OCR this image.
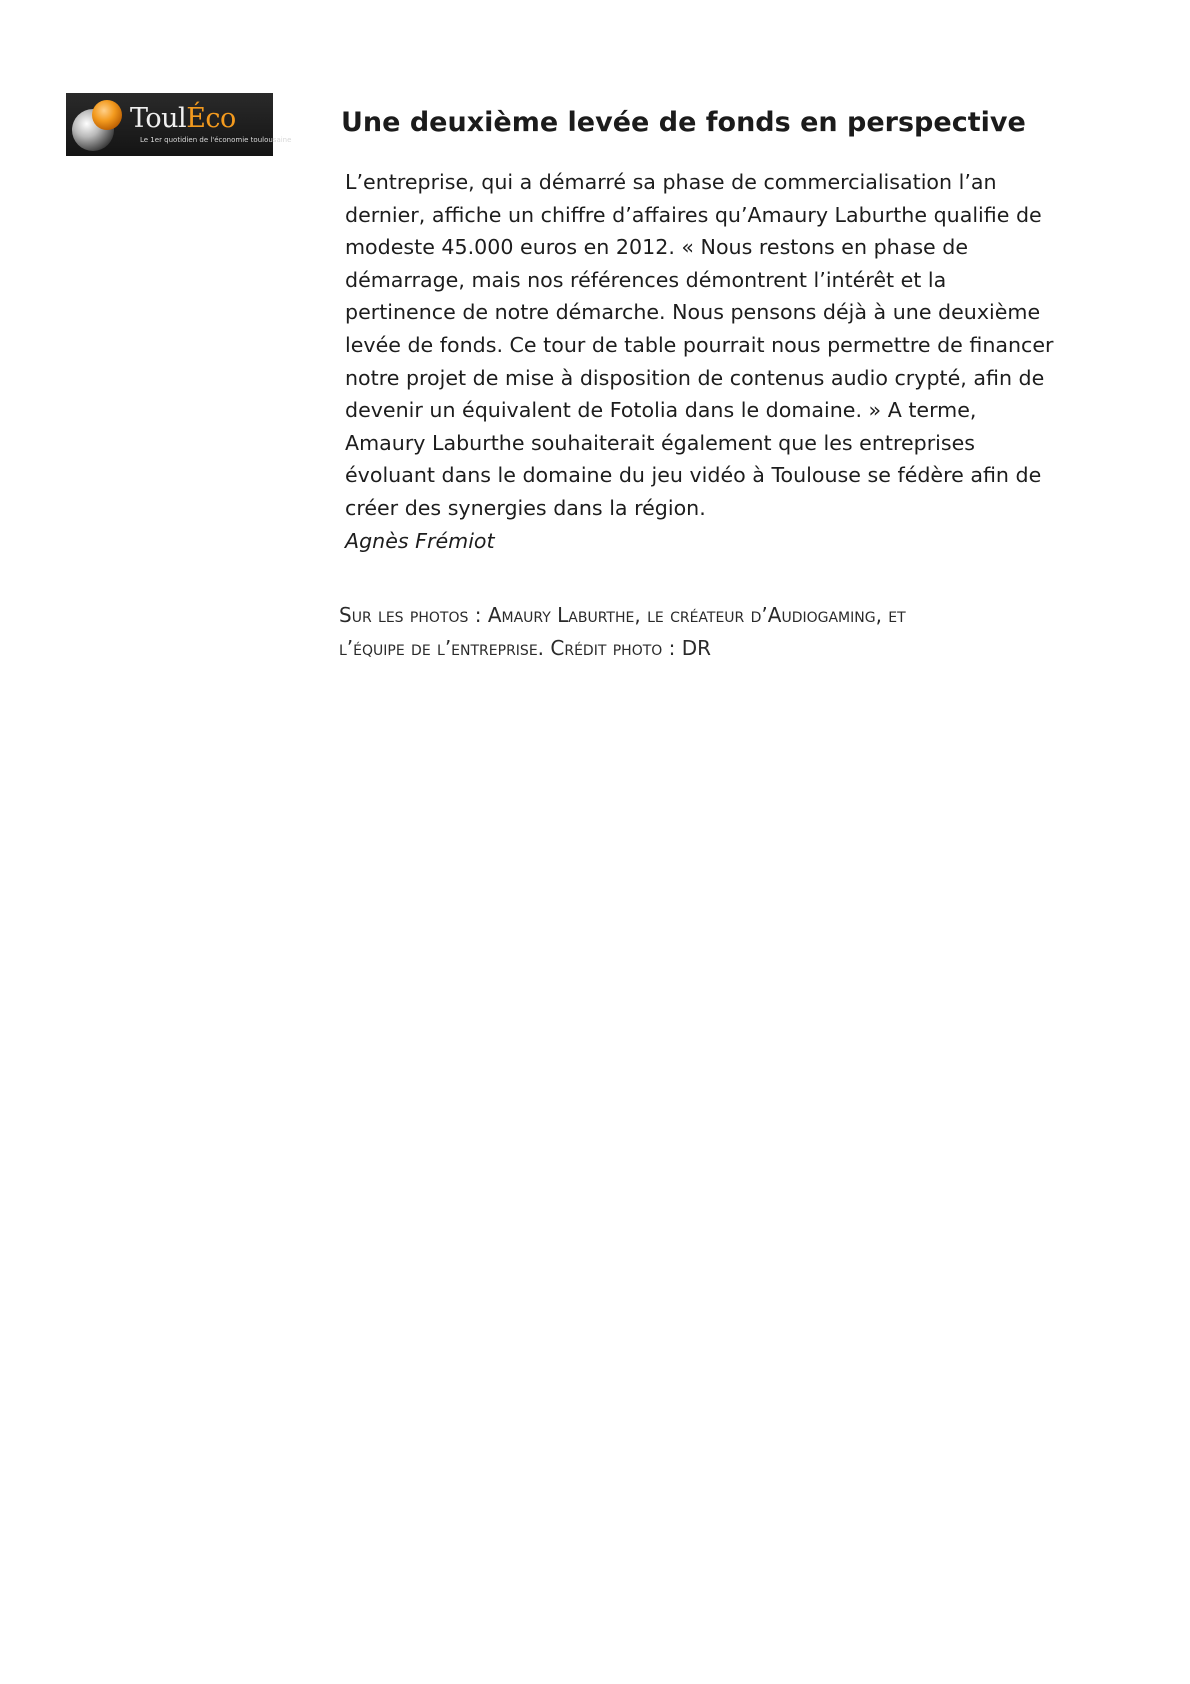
ToulÉco
Le 1er quotidien de l'économie toulousaine
Une deuxième levée de fonds en perspective

L’entreprise, qui a démarré sa phase de commercialisation l’an
dernier, affiche un chiffre d’affaires qu’Amaury Laburthe qualifie de
modeste 45.000 euros en 2012. « Nous restons en phase de
démarrage, mais nos références démontrent l’intérêt et la
pertinence de notre démarche. Nous pensons déjà à une deuxième
levée de fonds. Ce tour de table pourrait nous permettre de financer
notre projet de mise à disposition de contenus audio crypté, afin de
devenir un équivalent de Fotolia dans le domaine. » A terme,
Amaury Laburthe souhaiterait également que les entreprises
évoluant dans le domaine du jeu vidéo à Toulouse se fédère afin de
créer des synergies dans la région.

Agnès Frémiot

Sur les photos : Amaury Laburthe, le créateur d’Audiogaming, et
l’équipe de l’entreprise. Crédit photo : DR
